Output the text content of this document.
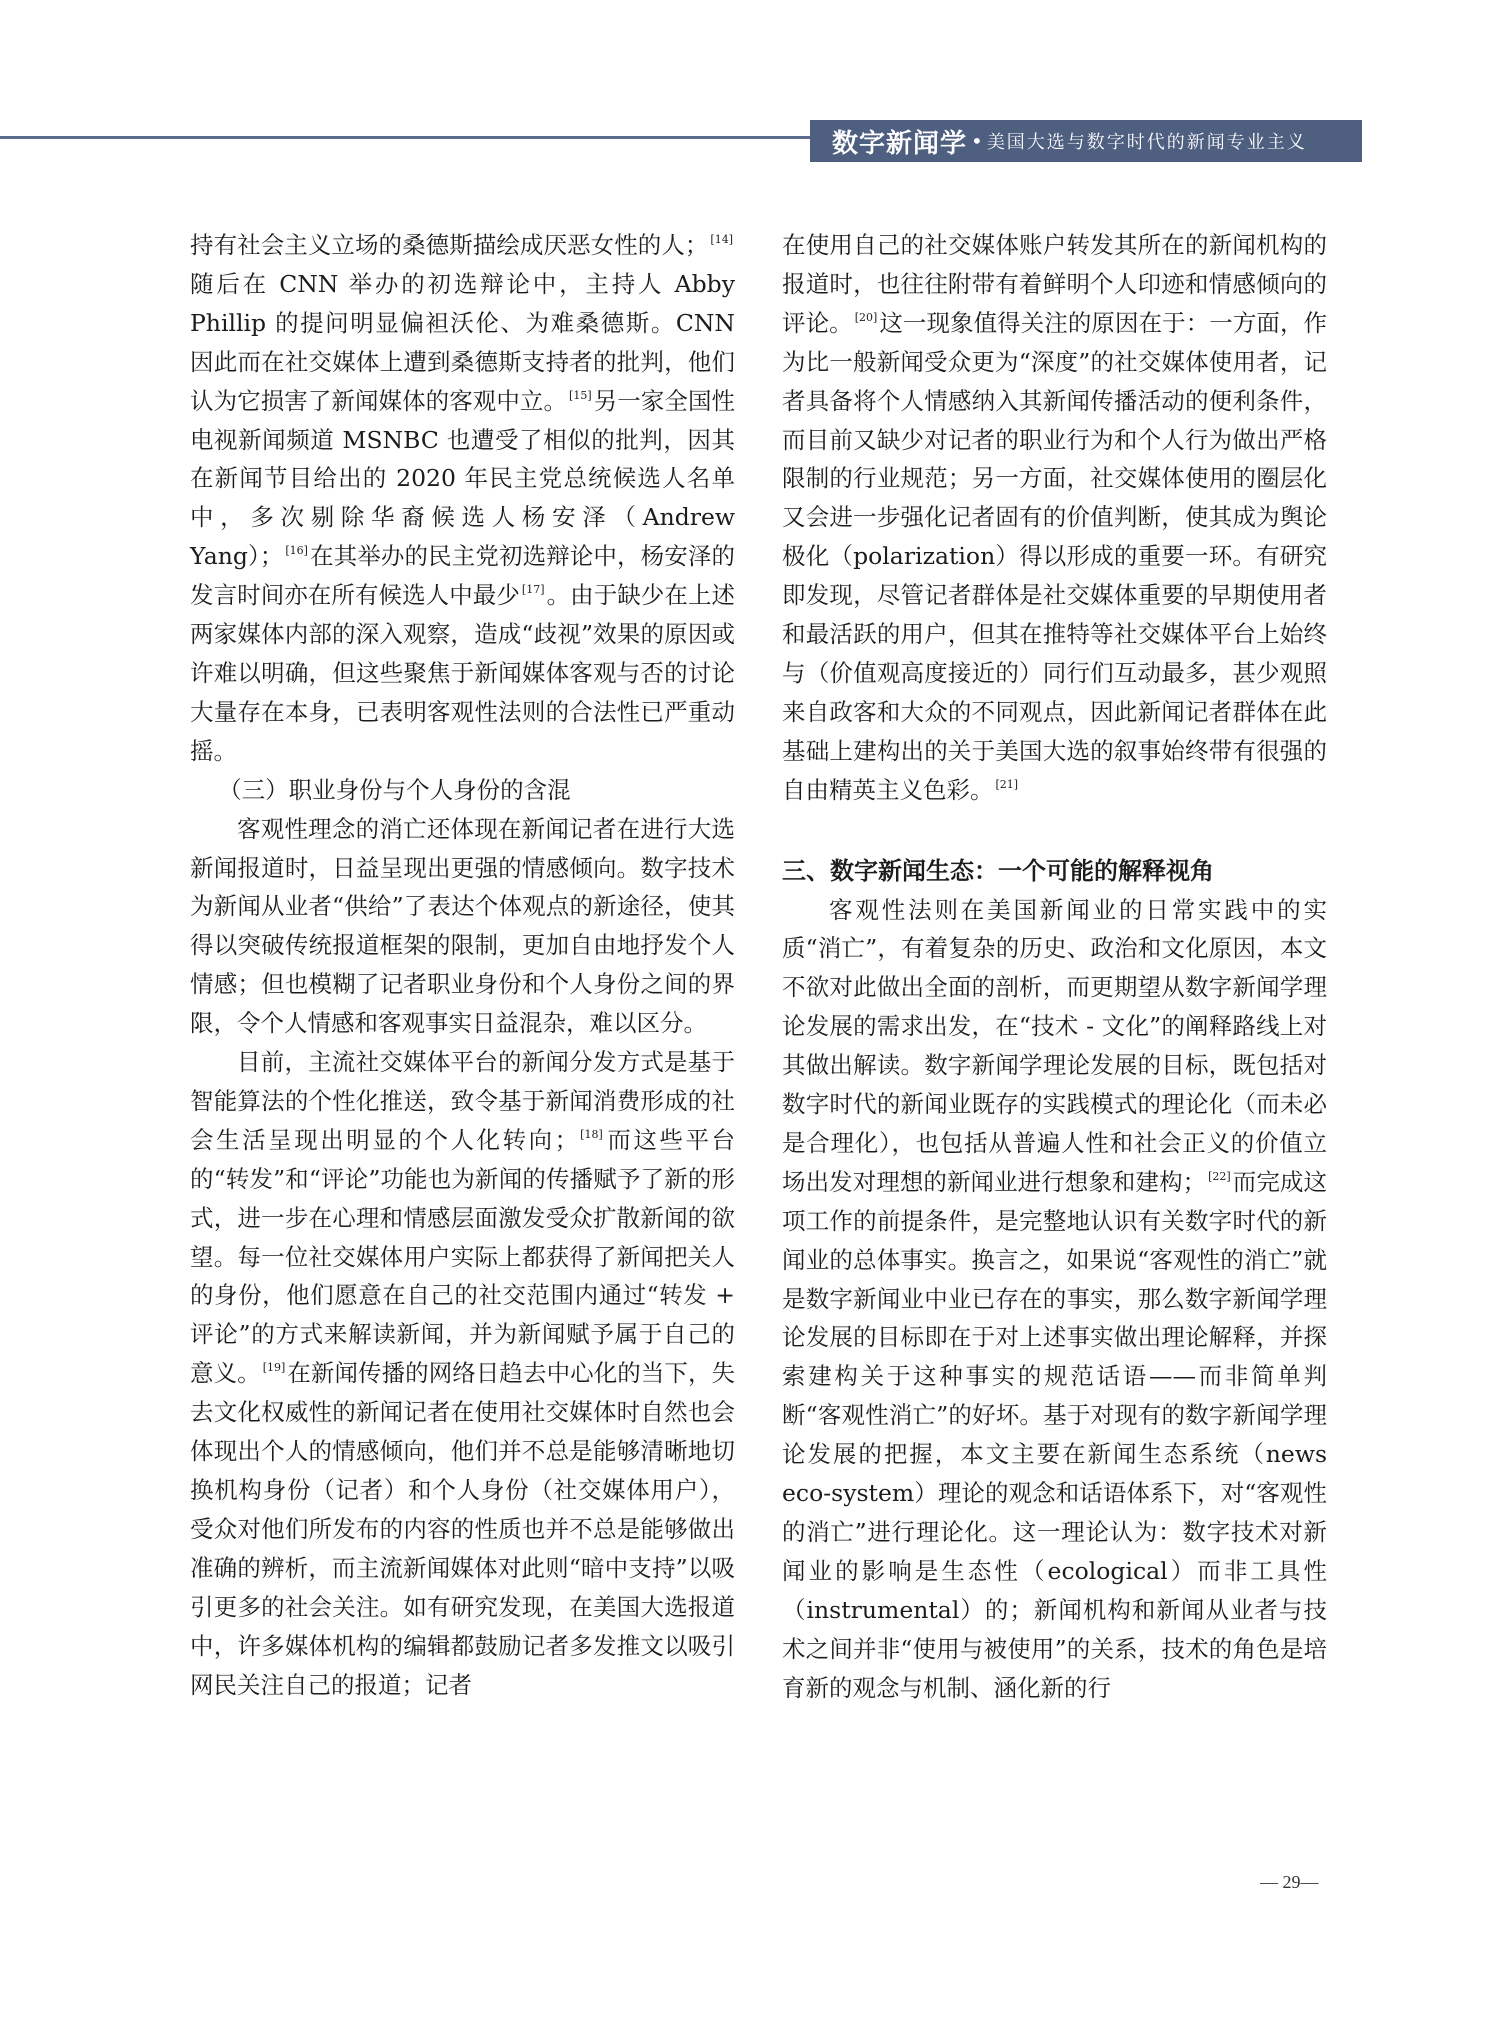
数字新闻学 • 美国大选与数字时代的新闻专业主义

持有社会主义立场的桑德斯描绘成厌恶女性的人； [14]随后在 CNN 举办的初选辩论中，主持人 Abby Phillip 的提问明显偏袒沃伦、为难桑德斯。CNN 因此而在社交媒体上遭到桑德斯支持者的批判，他们认为它损害了新闻媒体的客观中立。 [15]另一家全国性电视新闻频道 MSNBC 也遭受了相似的批判，因其在新闻节目给出的 2020 年民主党总统候选人名单中，多次剔除华裔候选人杨安泽（Andrew Yang）； [16]在其举办的民主党初选辩论中，杨安泽的发言时间亦在所有候选人中最少 [17]。由于缺少在上述两家媒体内部的深入观察，造成“歧视”效果的原因或许难以明确，但这些聚焦于新闻媒体客观与否的讨论大量存在本身，已表明客观性法则的合法性已严重动摇。

（三）职业身份与个人身份的含混

客观性理念的消亡还体现在新闻记者在进行大选新闻报道时，日益呈现出更强的情感倾向。数字技术为新闻从业者“供给”了表达个体观点的新途径，使其得以突破传统报道框架的限制，更加自由地抒发个人情感；但也模糊了记者职业身份和个人身份之间的界限，令个人情感和客观事实日益混杂，难以区分。

目前，主流社交媒体平台的新闻分发方式是基于智能算法的个性化推送，致令基于新闻消费形成的社会生活呈现出明显的个人化转向； [18]而这些平台的“转发”和“评论”功能也为新闻的传播赋予了新的形式，进一步在心理和情感层面激发受众扩散新闻的欲望。每一位社交媒体用户实际上都获得了新闻把关人的身份，他们愿意在自己的社交范围内通过“转发 + 评论”的方式来解读新闻，并为新闻赋予属于自己的意义。 [19]在新闻传播的网络日趋去中心化的当下，失去文化权威性的新闻记者在使用社交媒体时自然也会体现出个人的情感倾向，他们并不总是能够清晰地切换机构身份（记者）和个人身份（社交媒体用户），受众对他们所发布的内容的性质也并不总是能够做出准确的辨析，而主流新闻媒体对此则“暗中支持”以吸引更多的社会关注。如有研究发现，在美国大选报道中，许多媒体机构的编辑都鼓励记者多发推文以吸引网民关注自己的报道；记者

在使用自己的社交媒体账户转发其所在的新闻机构的报道时，也往往附带有着鲜明个人印迹和情感倾向的评论。 [20]这一现象值得关注的原因在于：一方面，作为比一般新闻受众更为“深度”的社交媒体使用者，记者具备将个人情感纳入其新闻传播活动的便利条件，而目前又缺少对记者的职业行为和个人行为做出严格限制的行业规范；另一方面，社交媒体使用的圈层化又会进一步强化记者固有的价值判断，使其成为舆论极化（polarization）得以形成的重要一环。有研究即发现，尽管记者群体是社交媒体重要的早期使用者和最活跃的用户，但其在推特等社交媒体平台上始终与（价值观高度接近的）同行们互动最多，甚少观照来自政客和大众的不同观点，因此新闻记者群体在此基础上建构出的关于美国大选的叙事始终带有很强的自由精英主义色彩。 [21]

三、数字新闻生态：一个可能的解释视角

客观性法则在美国新闻业的日常实践中的实质“消亡”，有着复杂的历史、政治和文化原因，本文不欲对此做出全面的剖析，而更期望从数字新闻学理论发展的需求出发，在“技术 - 文化”的阐释路线上对其做出解读。数字新闻学理论发展的目标，既包括对数字时代的新闻业既存的实践模式的理论化（而未必是合理化），也包括从普遍人性和社会正义的价值立场出发对理想的新闻业进行想象和建构； [22]而完成这项工作的前提条件，是完整地认识有关数字时代的新闻业的总体事实。换言之，如果说“客观性的消亡”就是数字新闻业中业已存在的事实，那么数字新闻学理论发展的目标即在于对上述事实做出理论解释，并探索建构关于这种事实的规范话语——而非简单判断“客观性消亡”的好坏。基于对现有的数字新闻学理论发展的把握，本文主要在新闻生态系统（news eco-system）理论的观念和话语体系下，对“客观性的消亡”进行理论化。这一理论认为：数字技术对新闻业的影响是生态性（ecological）而非工具性（instrumental）的；新闻机构和新闻从业者与技术之间并非“使用与被使用”的关系，技术的角色是培育新的观念与机制、涵化新的行

— 29—
